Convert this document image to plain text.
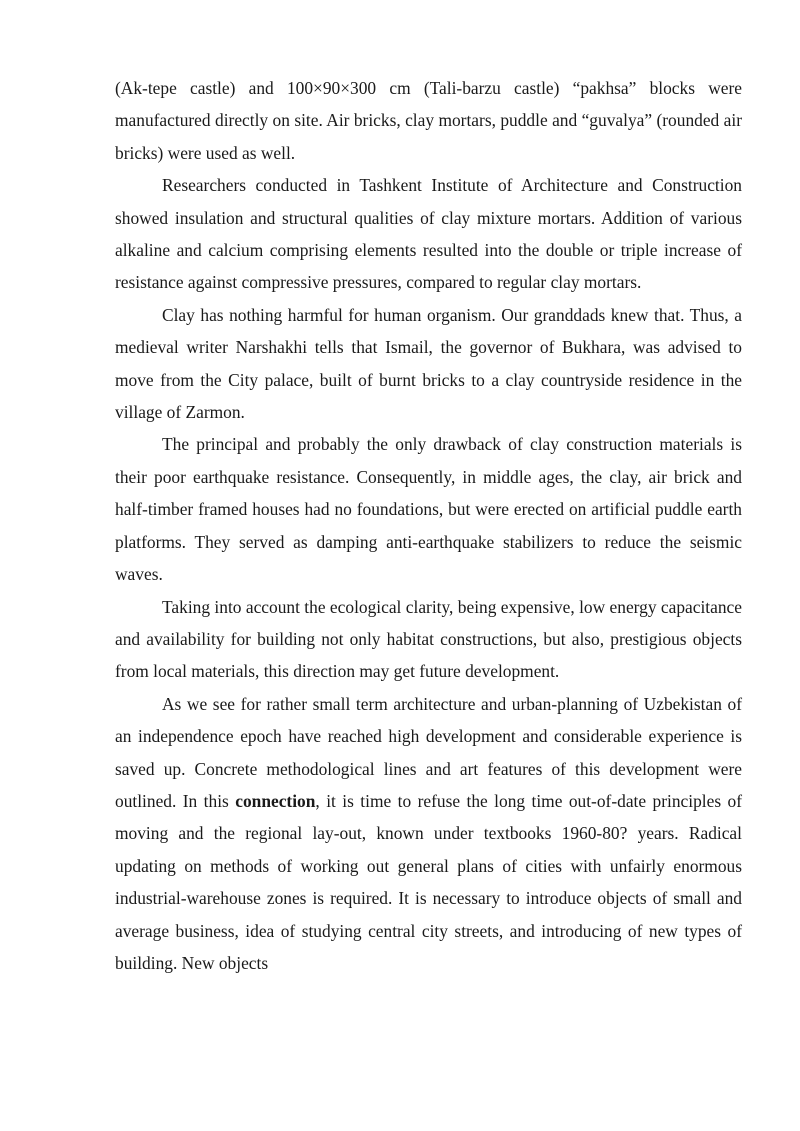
(Ak-tepe castle) and 100×90×300 cm (Tali-barzu castle) “pakhsa” blocks were manufactured directly on site. Air bricks, clay mortars, puddle and “guvalya” (rounded air bricks) were used as well.

Researchers conducted in Tashkent Institute of Architecture and Construction showed insulation and structural qualities of clay mixture mortars. Addition of various alkaline and calcium comprising elements resulted into the double or triple increase of resistance against compressive pressures, compared to regular clay mortars.

Clay has nothing harmful for human organism. Our granddads knew that. Thus, a medieval writer Narshakhi tells that Ismail, the governor of Bukhara, was advised to move from the City palace, built of burnt bricks to a clay countryside residence in the village of Zarmon.

The principal and probably the only drawback of clay construction materials is their poor earthquake resistance. Consequently, in middle ages, the clay, air brick and half-timber framed houses had no foundations, but were erected on artificial puddle earth platforms. They served as damping anti-earthquake stabilizers to reduce the seismic waves.

Taking into account the ecological clarity, being expensive, low energy capacitance and availability for building not only habitat constructions, but also, prestigious objects from local materials, this direction may get future development.

As we see for rather small term architecture and urban-planning of Uzbekistan of an independence epoch have reached high development and considerable experience is saved up. Concrete methodological lines and art features of this development were outlined. In this connection, it is time to refuse the long time out-of-date principles of moving and the regional lay-out, known under textbooks 1960-80? years. Radical updating on methods of working out general plans of cities with unfairly enormous industrial-warehouse zones is required. It is necessary to introduce objects of small and average business, idea of studying central city streets, and introducing of new types of building. New objects
